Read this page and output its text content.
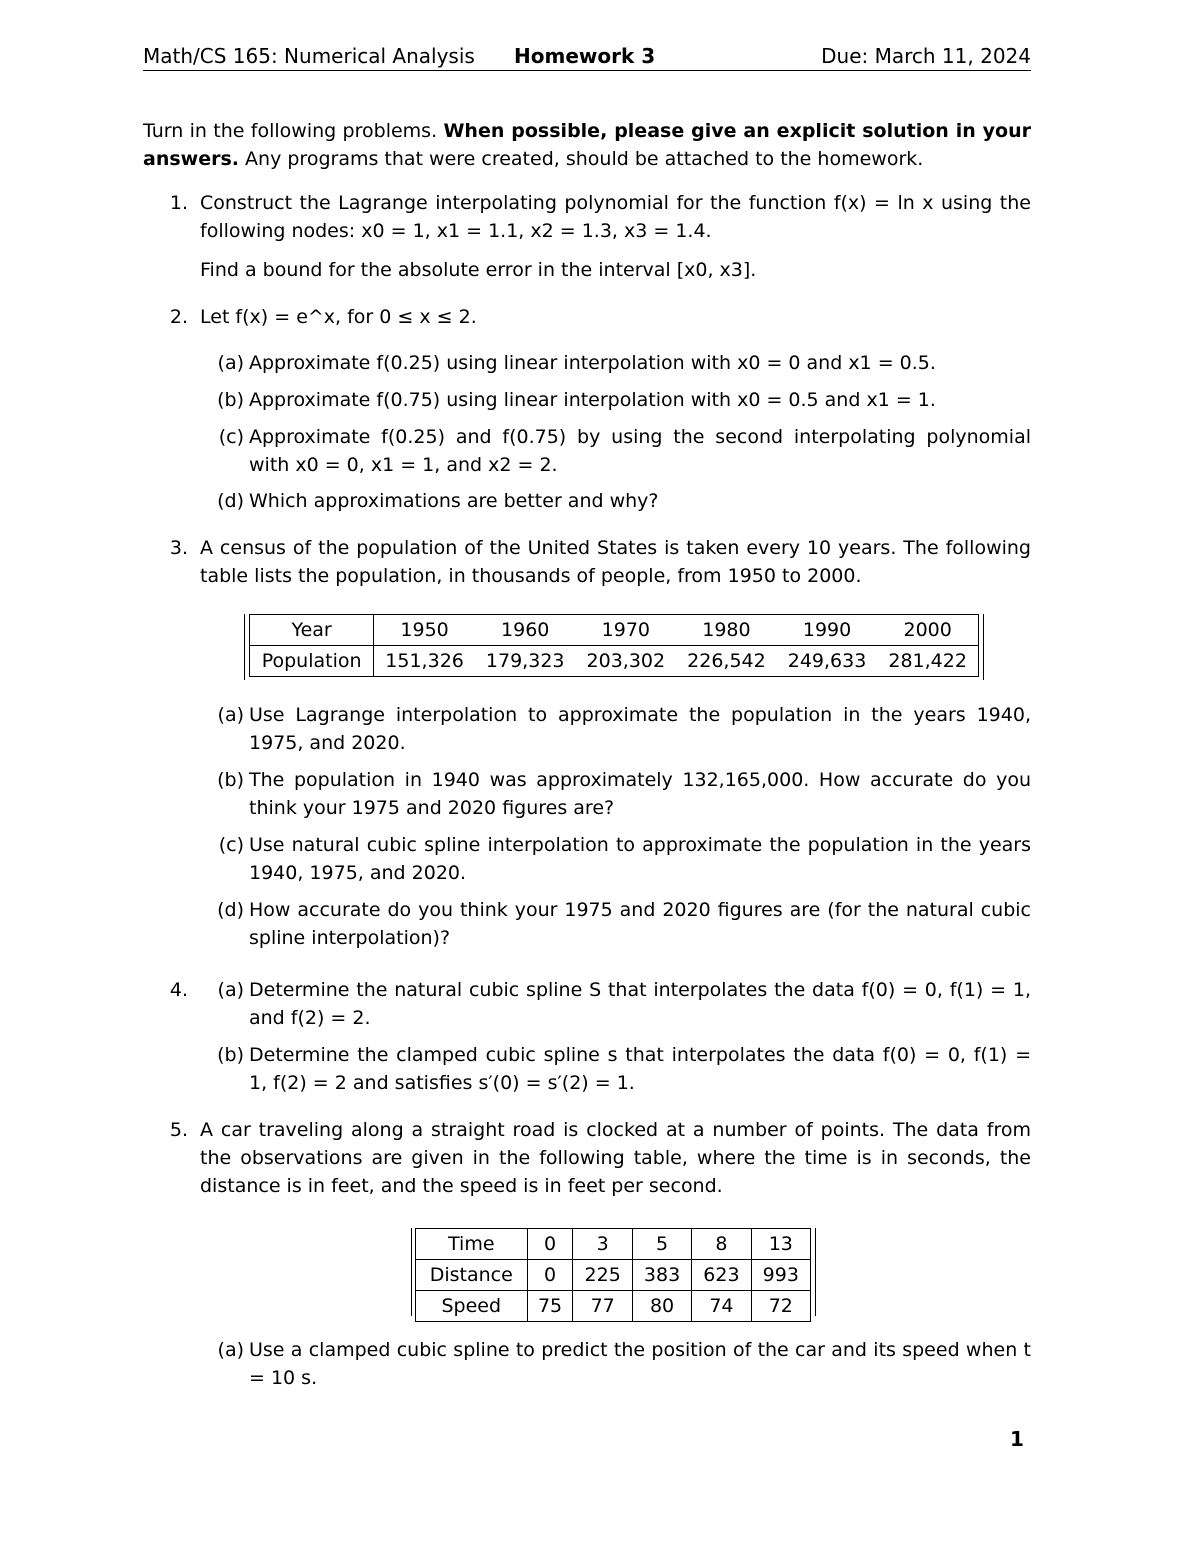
Math/CS 165: Numerical Analysis Homework 3	Due: March 11, 2024
Turn in the following problems. When possible, please give an explicit solution in your answers. Any programs that were created, should be attached to the homework.
1. Construct the Lagrange interpolating polynomial for the function f(x) = ln x using the following nodes: x0 = 1, x1 = 1.1, x2 = 1.3, x3 = 1.4.
Find a bound for the absolute error in the interval [x0, x3].
2. Let f(x) = e^x, for 0 ≤ x ≤ 2.
(a) Approximate f(0.25) using linear interpolation with x0 = 0 and x1 = 0.5.
(b) Approximate f(0.75) using linear interpolation with x0 = 0.5 and x1 = 1.
(c) Approximate f(0.25) and f(0.75) by using the second interpolating polynomial with x0 = 0, x1 = 1, and x2 = 2.
(d) Which approximations are better and why?
3. A census of the population of the United States is taken every 10 years. The following table lists the population, in thousands of people, from 1950 to 2000.
Year	1950	1960	1970	1980	1990	2000
Population	151,326	179,323	203,302	226,542	249,633	281,422
(a) Use Lagrange interpolation to approximate the population in the years 1940, 1975, and 2020.
(b) The population in 1940 was approximately 132,165,000. How accurate do you think your 1975 and 2020 figures are?
(c) Use natural cubic spline interpolation to approximate the population in the years 1940, 1975, and 2020.
(d) How accurate do you think your 1975 and 2020 figures are (for the natural cubic spline interpolation)?
4.	(a) Determine the natural cubic spline S that interpolates the data f(0) = 0, f(1) = 1, and f(2) = 2.
(b) Determine the clamped cubic spline s that interpolates the data f(0) = 0, f(1) = 1, f(2) = 2 and satisfies s′(0) = s′(2) = 1.
5. A car traveling along a straight road is clocked at a number of points. The data from the observations are given in the following table, where the time is in seconds, the distance is in feet, and the speed is in feet per second.
Time	0	3	5	8	13
Distance	0	225	383	623	993
Speed	75	77	80	74	72
(a) Use a clamped cubic spline to predict the position of the car and its speed when t = 10 s.
1
